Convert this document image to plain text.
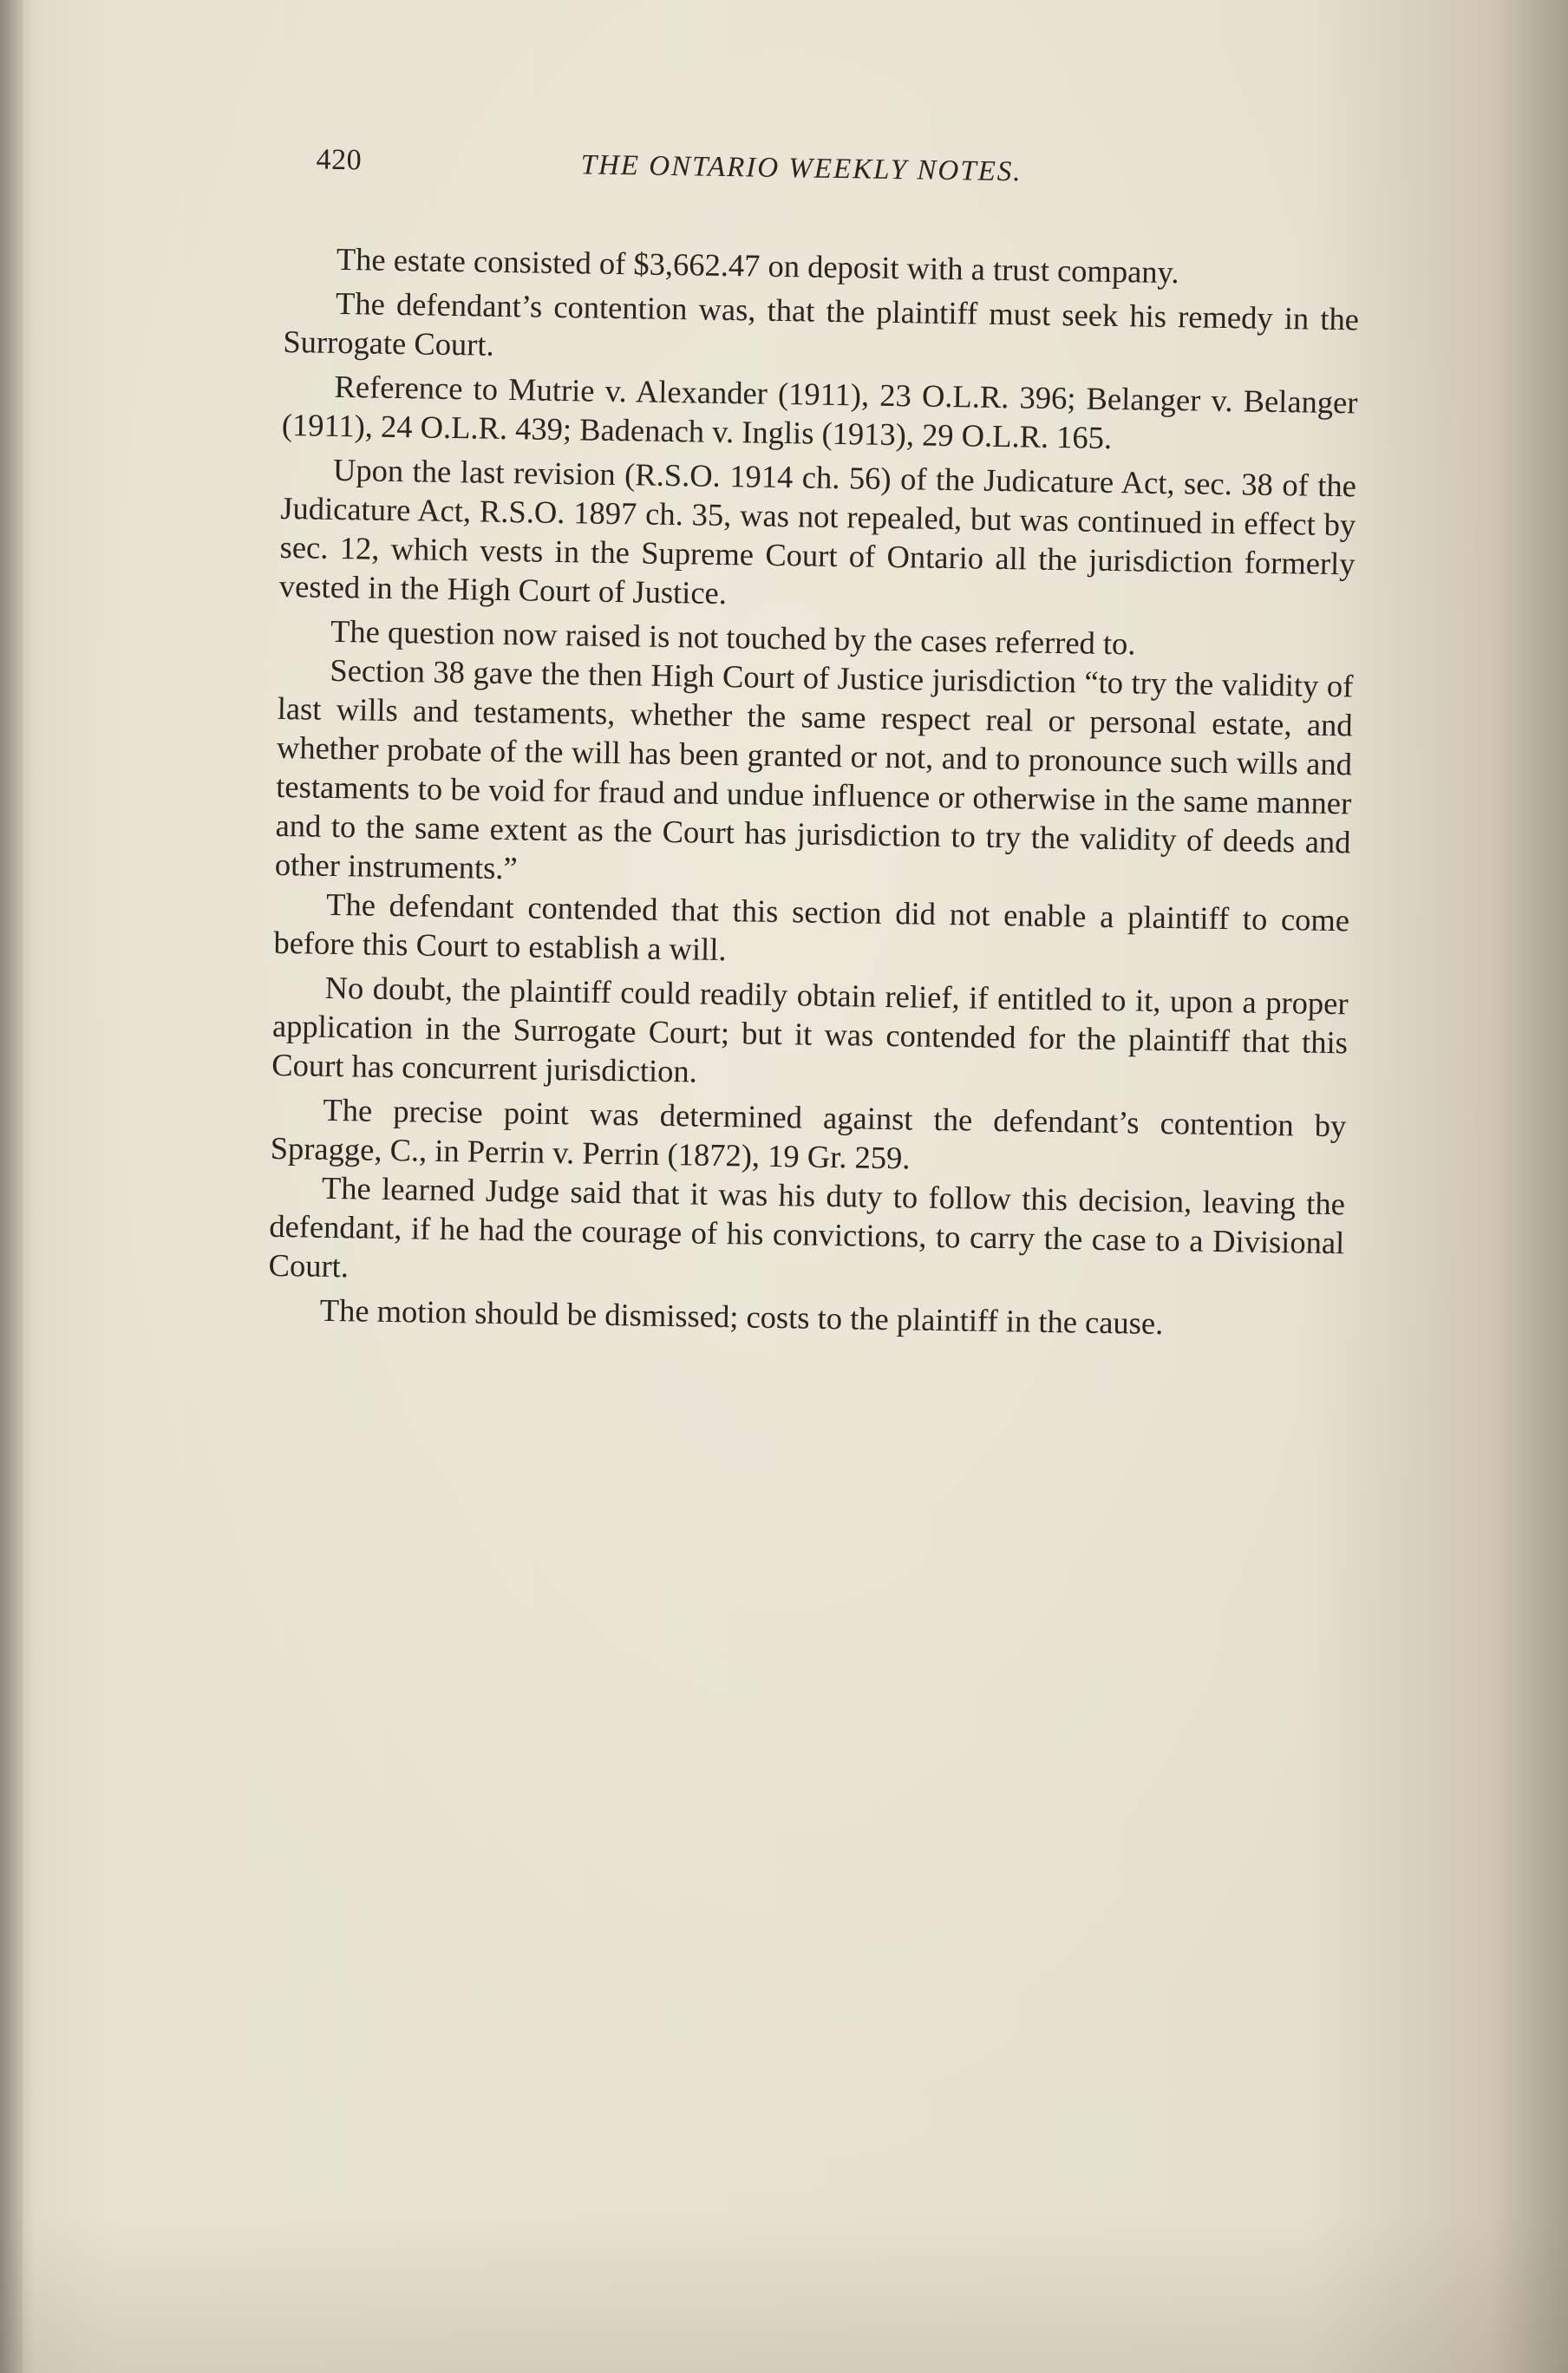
420	THE ONTARIO WEEKLY NOTES.

The estate consisted of $3,662.47 on deposit with a trust company.

The defendant’s contention was, that the plaintiff must seek his remedy in the Surrogate Court.

Reference to Mutrie v. Alexander (1911), 23 O.L.R. 396; Belanger v. Belanger (1911), 24 O.L.R. 439; Badenach v. Inglis (1913), 29 O.L.R. 165.

Upon the last revision (R.S.O. 1914 ch. 56) of the Judicature Act, sec. 38 of the Judicature Act, R.S.O. 1897 ch. 35, was not repealed, but was continued in effect by sec. 12, which vests in the Supreme Court of Ontario all the jurisdiction formerly vested in the High Court of Justice.

The question now raised is not touched by the cases referred to.

Section 38 gave the then High Court of Justice jurisdiction “to try the validity of last wills and testaments, whether the same respect real or personal estate, and whether probate of the will has been granted or not, and to pronounce such wills and testaments to be void for fraud and undue influence or otherwise in the same manner and to the same extent as the Court has jurisdiction to try the validity of deeds and other instruments.”

The defendant contended that this section did not enable a plaintiff to come before this Court to establish a will.

No doubt, the plaintiff could readily obtain relief, if entitled to it, upon a proper application in the Surrogate Court; but it was contended for the plaintiff that this Court has concurrent jurisdiction.

The precise point was determined against the defendant’s contention by Spragge, C., in Perrin v. Perrin (1872), 19 Gr. 259.

The learned Judge said that it was his duty to follow this decision, leaving the defendant, if he had the courage of his convictions, to carry the case to a Divisional Court.

The motion should be dismissed; costs to the plaintiff in the cause.
